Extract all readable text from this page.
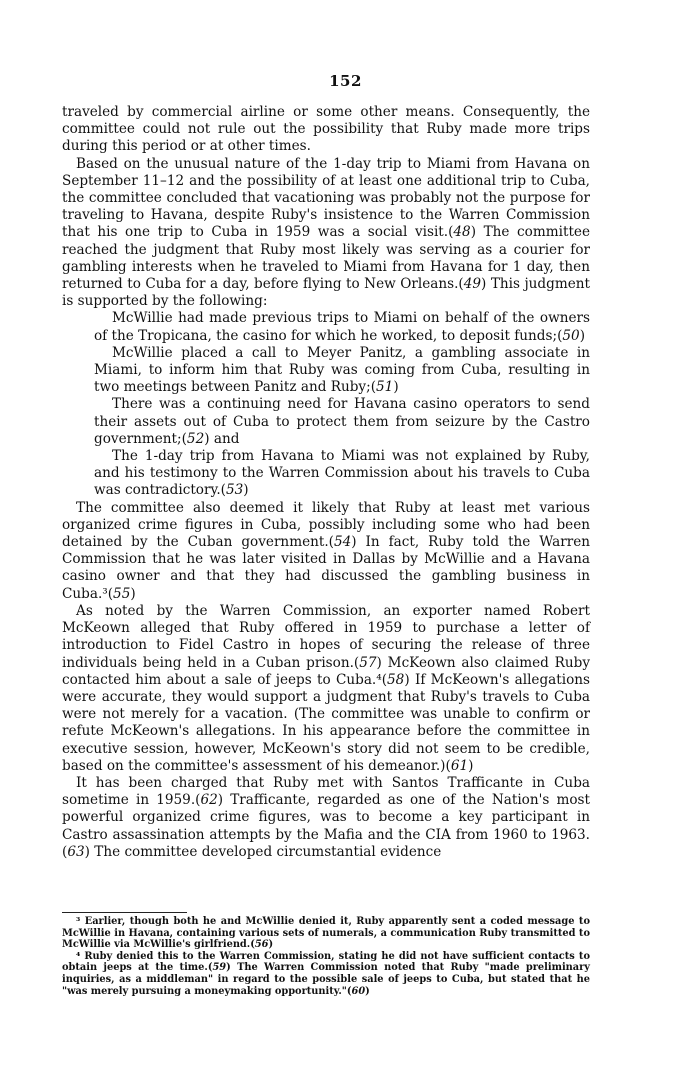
152

traveled by commercial airline or some other means. Consequently, the committee could not rule out the possibility that Ruby made more trips during this period or at other times.

Based on the unusual nature of the 1-day trip to Miami from Havana on September 11–12 and the possibility of at least one additional trip to Cuba, the committee concluded that vacationing was probably not the purpose for traveling to Havana, despite Ruby's insistence to the Warren Commission that his one trip to Cuba in 1959 was a social visit.(48) The committee reached the judgment that Ruby most likely was serving as a courier for gambling interests when he traveled to Miami from Havana for 1 day, then returned to Cuba for a day, before flying to New Orleans.(49) This judgment is supported by the following:

McWillie had made previous trips to Miami on behalf of the owners of the Tropicana, the casino for which he worked, to deposit funds;(50)

McWillie placed a call to Meyer Panitz, a gambling associate in Miami, to inform him that Ruby was coming from Cuba, resulting in two meetings between Panitz and Ruby;(51)

There was a continuing need for Havana casino operators to send their assets out of Cuba to protect them from seizure by the Castro government;(52) and

The 1-day trip from Havana to Miami was not explained by Ruby, and his testimony to the Warren Commission about his travels to Cuba was contradictory.(53)

The committee also deemed it likely that Ruby at least met various organized crime figures in Cuba, possibly including some who had been detained by the Cuban government.(54) In fact, Ruby told the Warren Commission that he was later visited in Dallas by McWillie and a Havana casino owner and that they had discussed the gambling business in Cuba.³(55)

As noted by the Warren Commission, an exporter named Robert McKeown alleged that Ruby offered in 1959 to purchase a letter of introduction to Fidel Castro in hopes of securing the release of three individuals being held in a Cuban prison.(57) McKeown also claimed Ruby contacted him about a sale of jeeps to Cuba.⁴(58) If McKeown's allegations were accurate, they would support a judgment that Ruby's travels to Cuba were not merely for a vacation. (The committee was unable to confirm or refute McKeown's allegations. In his appearance before the committee in executive session, however, McKeown's story did not seem to be credible, based on the committee's assessment of his demeanor.)(61)

It has been charged that Ruby met with Santos Trafficante in Cuba sometime in 1959.(62) Trafficante, regarded as one of the Nation's most powerful organized crime figures, was to become a key participant in Castro assassination attempts by the Mafia and the CIA from 1960 to 1963.(63) The committee developed circumstantial evidence

³ Earlier, though both he and McWillie denied it, Ruby apparently sent a coded message to McWillie in Havana, containing various sets of numerals, a communication Ruby transmitted to McWillie via McWillie's girlfriend.(56)

⁴ Ruby denied this to the Warren Commission, stating he did not have sufficient contacts to obtain jeeps at the time.(59) The Warren Commission noted that Ruby "made preliminary inquiries, as a middleman" in regard to the possible sale of jeeps to Cuba, but stated that he "was merely pursuing a moneymaking opportunity."(60)
